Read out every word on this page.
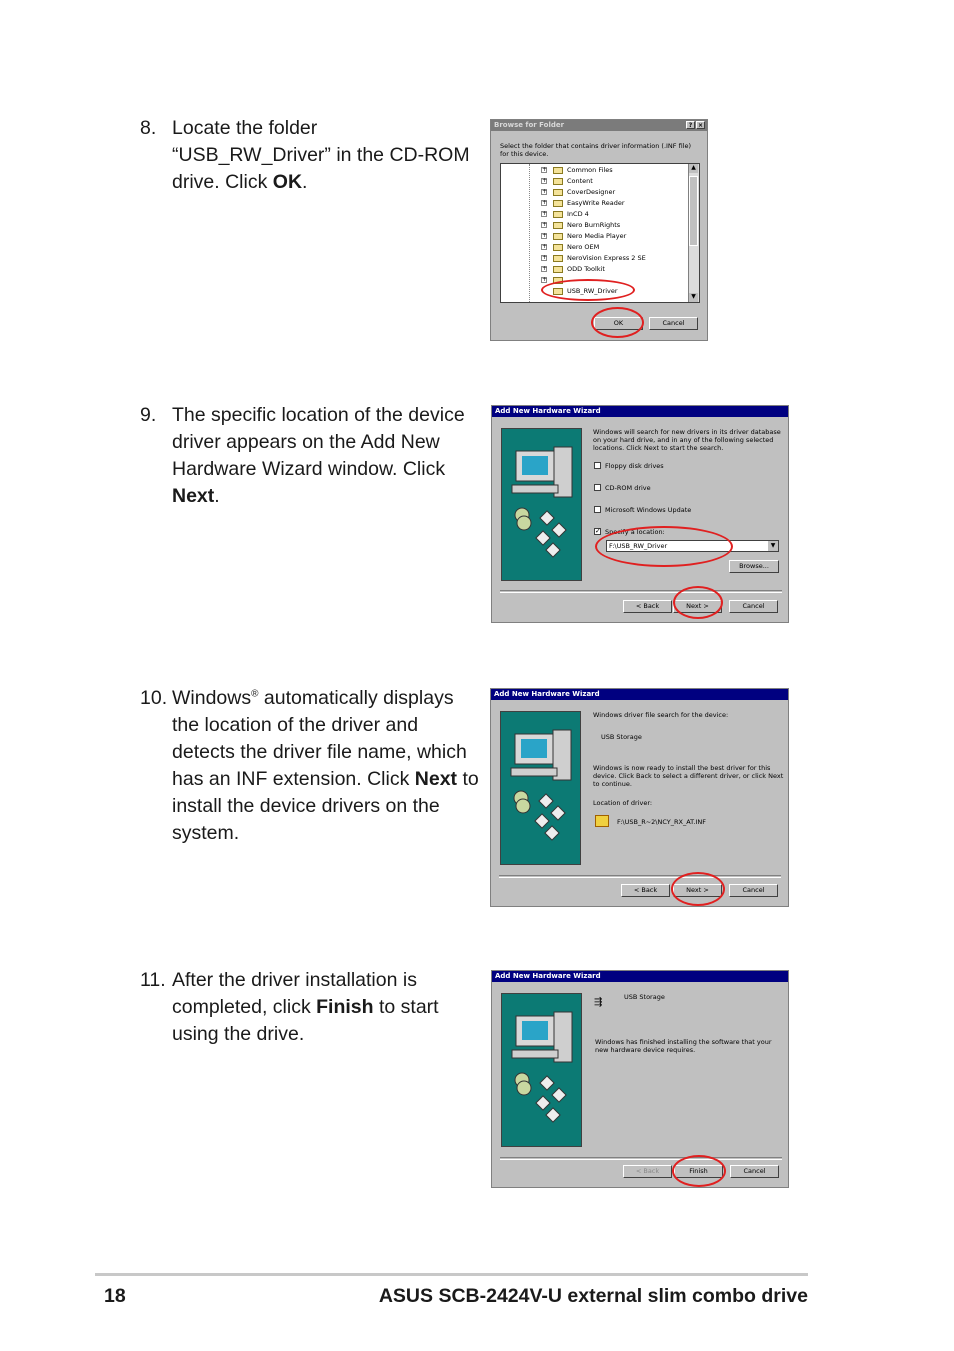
8. Locate the folder “USB_RW_Driver” in the CD-ROM drive. Click OK.
Browse for Folder	? ×
Select the folder that contains driver information (.INF file) for this device.
▲
▼
+	Common Files
+	Content
+	CoverDesigner
+	EasyWrite Reader
+	InCD 4
+	Nero BurnRights
+	Nero Media Player
+	Nero OEM
+	NeroVision Express 2 SE
+	ODD Toolkit
+
USB_RW_Driver
OK	Cancel
9. The specific location of the device driver appears on the Add New Hardware Wizard window. Click Next.
Add New Hardware Wizard
Windows will search for new drivers in its driver database on your hard drive, and in any of the following selected locations. Click Next to start the search.
Floppy disk drives
CD-ROM drive
Microsoft Windows Update
✓ Specify a location:
F:\USB_RW_Driver	▼
Browse...
< Back	Next >	Cancel
10. Windows® automatically displays the location of the driver and detects the driver file name, which has an INF extension. Click Next to install the device drivers on the system.
Add New Hardware Wizard
Windows driver file search for the device:
USB Storage
Windows is now ready to install the best driver for this device. Click Back to select a different driver, or click Next to continue.
Location of driver:
F:\USB_R~2\NCY_RX_AT.INF
< Back	Next >	Cancel
11. After the driver installation is completed, click Finish to start using the drive.
Add New Hardware Wizard
⇶	USB Storage
Windows has finished installing the software that your new hardware device requires.
< Back	Finish	Cancel
18	ASUS SCB-2424V-U external slim combo drive
